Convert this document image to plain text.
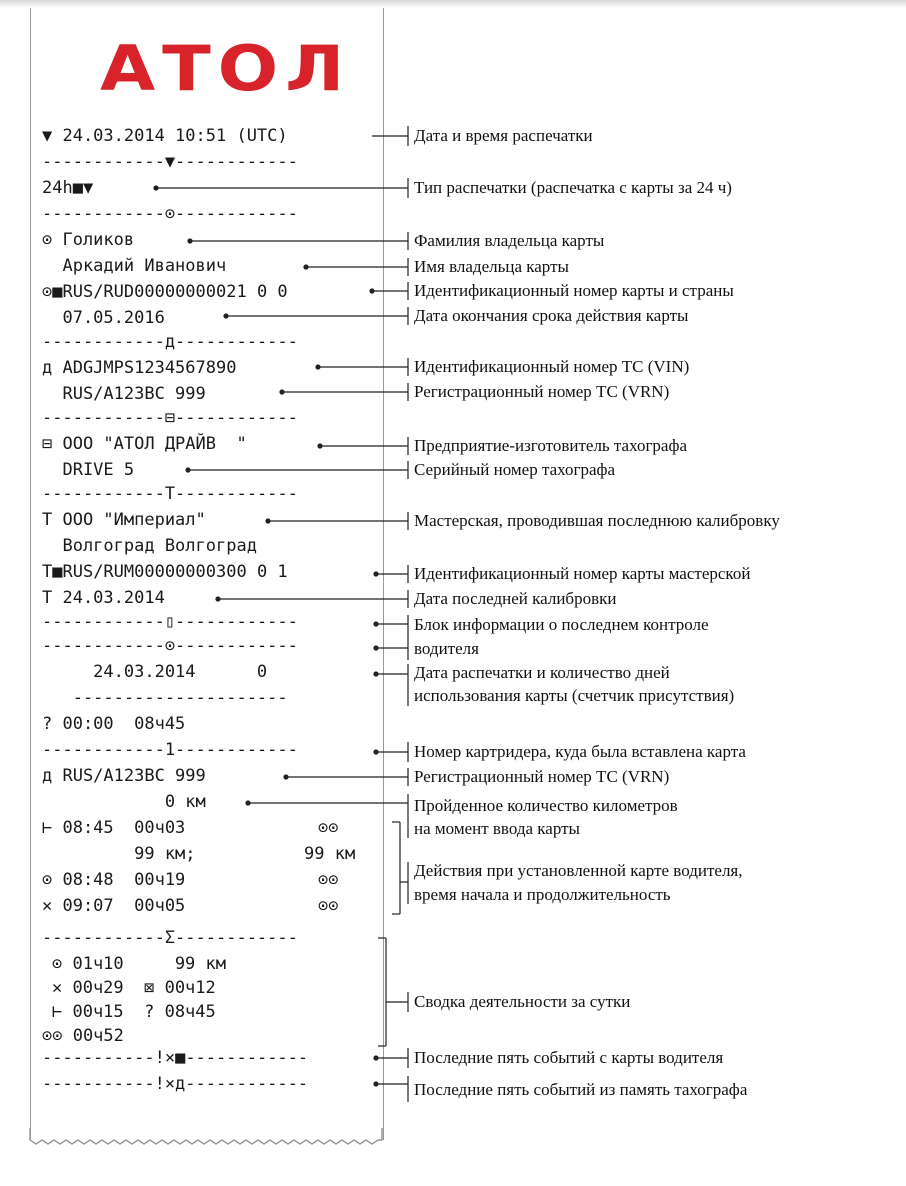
АТОЛ
▼ 24.03.2014 10:51 (UTC)
------------▼------------
24h■▼
------------⊙------------
⊙ Голиков
Аркадий Иванович
⊙■RUS/RUD00000000021 0 0
07.05.2016
------------д------------
д ADGJMPS1234567890
RUS/A123BC 999
------------⊟------------
⊟ ООО "АТОЛ ДРАЙВ  "
DRIVE 5
------------T------------
T ООО "Империал"
Волгоград Волгоград
T■RUS/RUM00000000300 0 1
T 24.03.2014
------------▯------------
------------⊙------------
24.03.2014      0
---------------------
? 00:00  08ч45
------------1------------
д RUS/A123BC 999
0 км
⊢ 08:45  00ч03	⊙⊙
99 км;	99 км
⊙ 08:48  00ч19	⊙⊙
✕ 09:07  00ч05	⊙⊙
------------Σ------------
⊙ 01ч10     99 км
✕ 00ч29  ⊠ 00ч12
⊢ 00ч15  ? 08ч45
⊙⊙ 00ч52
-----------!×■------------
-----------!×д------------
Дата и время распечатки
Тип распечатки (распечатка с карты за 24 ч)
Фамилия владельца карты
Имя владельца карты
Идентификационный номер карты и страны
Дата окончания срока действия карты
Идентификационный номер ТС (VIN)
Регистрационный номер ТС (VRN)
Предприятие-изготовитель тахографа
Серийный номер тахографа
Мастерская, проводившая последнюю калибровку
Идентификационный номер карты мастерской
Дата последней калибровки
Блок информации о последнем контроле
водителя
Дата распечатки и количество дней
использования карты (счетчик присутствия)
Номер картридера, куда была вставлена карта
Регистрационный номер ТС (VRN)
Пройденное количество километров
на момент ввода карты
Действия при установленной карте водителя,
время начала и продолжительность
Сводка деятельности за сутки
Последние пять событий с карты водителя
Последние пять событий из память тахографа
